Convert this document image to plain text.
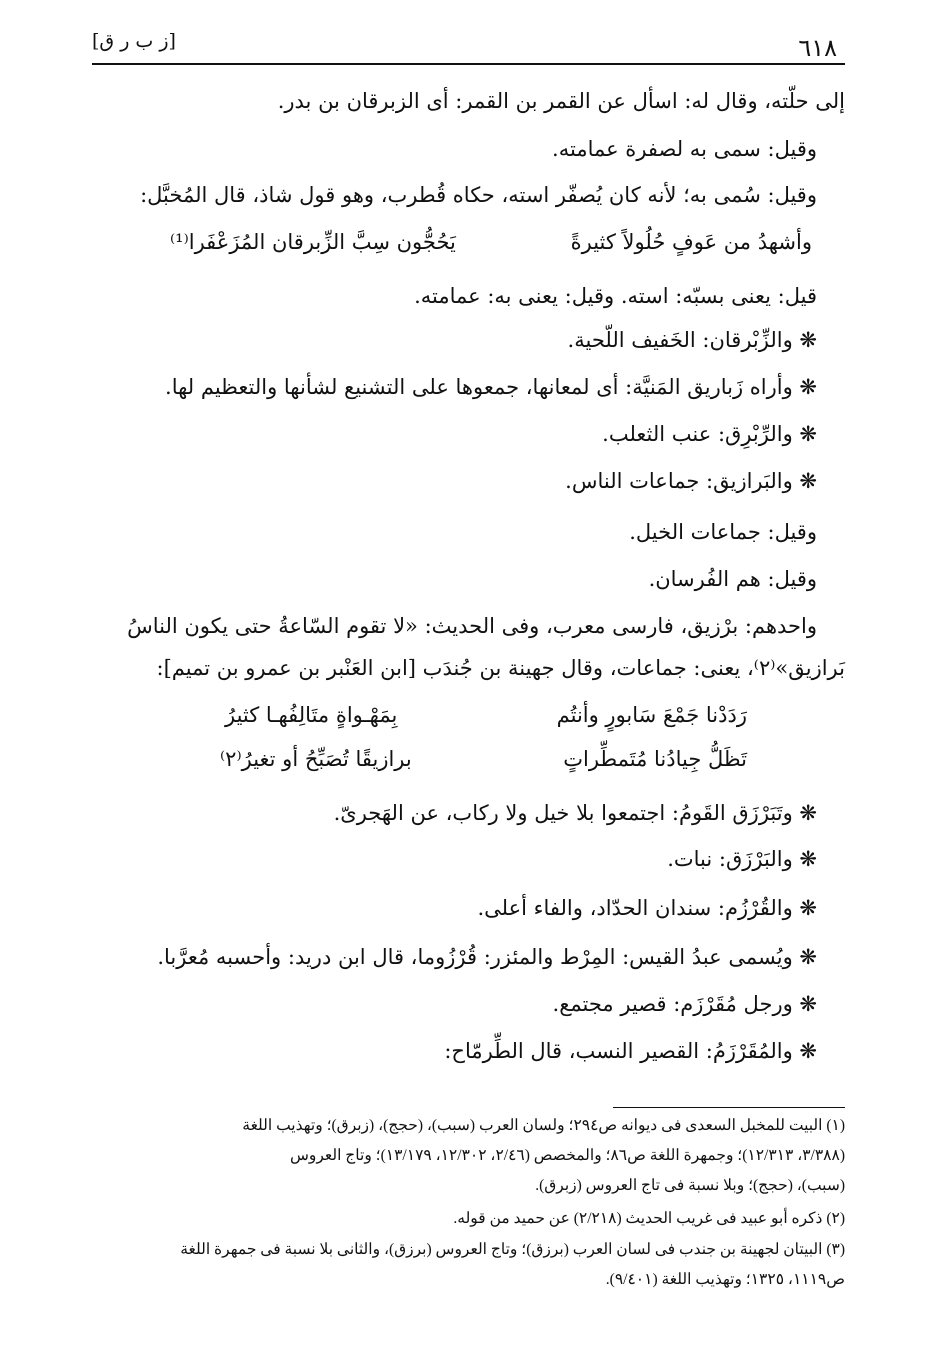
٦١٨
[ز ب ر ق]
إلى حلّته، وقال له: اسأل عن القمر بن القمر: أى الزبرقان بن بدر.
وقيل: سمى به لصفرة عمامته.
وقيل: سُمى به؛ لأنه كان يُصفّر استه، حكاه قُطرب، وهو قول شاذ، قال المُخبَّل:
وأشهدُ من عَوفٍ حُلُولاً كثيرةً
يَحُجُّون سِبَّ الزِّبرقان المُزَعْفَرا⁽¹⁾
قيل: يعنى بسبّه: استه. وقيل: يعنى به: عمامته.
❋ والزِّبْرقان: الخَفيف اللّحية.
❋ وأراه زَباريق المَنيَّة: أى لمعانها، جمعوها على التشنيع لشأنها والتعظيم لها.
❋ والرِّبْرِق: عنب الثعلب.
❋ والبَرازيق: جماعات الناس.
وقيل: جماعات الخيل.
وقيل: هم الفُرسان.
واحدهم: برْزيق، فارسى معرب، وفى الحديث: «لا تقوم السّاعةُ حتى يكون الناسُ
بَرازيق»⁽٢⁾، يعنى: جماعات، وقال جهينة بن جُندَب [ابن العَنْبر بن عمرو بن تميم]:
رَدَدْنا جَمْعَ سَابورٍ وأنتُم
بِمَهْـواةٍ متَالِفُهـا كثيرُ
تَظَلُّ جِيادُنا مُتَمطِّراتٍ
برازيقًا تُصَبِّحُ أو تغيرُ⁽٢⁾
❋ وتَبَرْزَق القَومُ: اجتمعوا بلا خيل ولا ركاب، عن الهَجرىّ.
❋ والبَرْزَق: نبات.
❋ والقُرْزُم: سندان الحدّاد، والفاء أعلى.
❋ ويُسمى عبدُ القيس: المِرْط والمئزر: قُرْزُوما، قال ابن دريد: وأحسبه مُعرَّبا.
❋ ورجل مُقَرْزَم: قصير مجتمع.
❋ والمُقَرْزَمُ: القصير النسب، قال الطِّرمّاح:
(١) البيت للمخبل السعدى فى ديوانه ص٢٩٤؛ ولسان العرب (سبب)، (حجج)، (زبرق)؛ وتهذيب اللغة
(٣/٣٨٨، ١٢/٣١٣)؛ وجمهرة اللغة ص٨٦؛ والمخصص (٢/٤٦، ١٢/٣٠٢، ١٣/١٧٩)؛ وتاج العروس
(سبب)، (حجج)؛ وبلا نسبة فى تاج العروس (زبرق).
(٢) ذكره أبو عبيد فى غريب الحديث (٢/٢١٨) عن حميد من قوله.
(٣) البيتان لجهينة بن جندب فى لسان العرب (برزق)؛ وتاج العروس (برزق)، والثانى بلا نسبة فى جمهرة اللغة
ص١١١٩، ١٣٢٥؛ وتهذيب اللغة (٩/٤٠١).
